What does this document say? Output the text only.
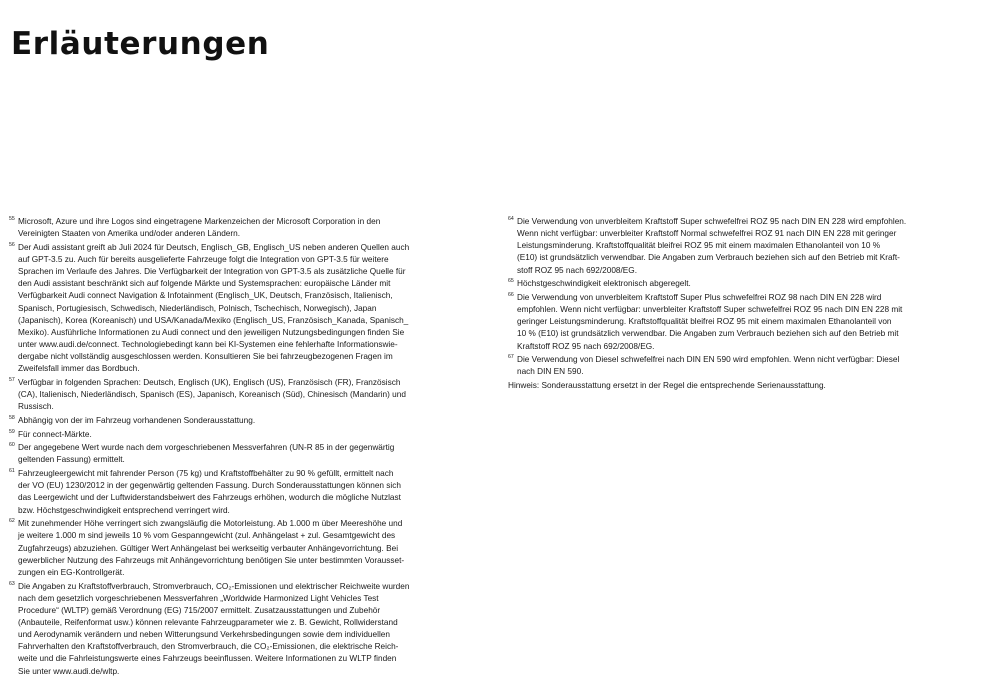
Erläuterungen
55 Microsoft, Azure und ihre Logos sind eingetragene Markenzeichen der Microsoft Corporation in den
Vereinigten Staaten von Amerika und/oder anderen Ländern.
56 Der Audi assistant greift ab Juli 2024 für Deutsch, Englisch_GB, Englisch_US neben anderen Quellen auch
auf GPT-3.5 zu. Auch für bereits ausgelieferte Fahrzeuge folgt die Integration von GPT-3.5 für weitere
Sprachen im Verlaufe des Jahres. Die Verfügbarkeit der Integration von GPT-3.5 als zusätzliche Quelle für
den Audi assistant beschränkt sich auf folgende Märkte und Systemsprachen: europäische Länder mit
Verfügbarkeit Audi connect Navigation & Infotainment (Englisch_UK, Deutsch, Französisch, Italienisch,
Spanisch, Portugiesisch, Schwedisch, Niederländisch, Polnisch, Tschechisch, Norwegisch), Japan
(Japanisch), Korea (Koreanisch) und USA/Kanada/Mexiko (Englisch_US, Französisch_Kanada, Spanisch_
Mexiko). Ausführliche Informationen zu Audi connect und den jeweiligen Nutzungsbedingungen finden Sie
unter www.audi.de/connect. Technologiebedingt kann bei KI-Systemen eine fehlerhafte Informationswie-
dergabe nicht vollständig ausgeschlossen werden. Konsultieren Sie bei fahrzeugbezogenen Fragen im
Zweifelsfall immer das Bordbuch.
57 Verfügbar in folgenden Sprachen: Deutsch, Englisch (UK), Englisch (US), Französisch (FR), Französisch
(CA), Italienisch, Niederländisch, Spanisch (ES), Japanisch, Koreanisch (Süd), Chinesisch (Mandarin) und
Russisch.
58 Abhängig von der im Fahrzeug vorhandenen Sonderausstattung.
59 Für connect-Märkte.
60 Der angegebene Wert wurde nach dem vorgeschriebenen Messverfahren (UN-R 85 in der gegenwärtig
geltenden Fassung) ermittelt.
61 Fahrzeugleergewicht mit fahrender Person (75 kg) und Kraftstoffbehälter zu 90 % gefüllt, ermittelt nach
der VO (EU) 1230/2012 in der gegenwärtig geltenden Fassung. Durch Sonderausstattungen können sich
das Leergewicht und der Luftwiderstandsbeiwert des Fahrzeugs erhöhen, wodurch die mögliche Nutzlast
bzw. Höchstgeschwindigkeit entsprechend verringert wird.
62 Mit zunehmender Höhe verringert sich zwangsläufig die Motorleistung. Ab 1.000 m über Meereshöhe und
je weitere 1.000 m sind jeweils 10 % vom Gespanngewicht (zul. Anhängelast + zul. Gesamtgewicht des
Zugfahrzeugs) abzuziehen. Gültiger Wert Anhängelast bei werkseitig verbauter Anhängevorrichtung. Bei
gewerblicher Nutzung des Fahrzeugs mit Anhängevorrichtung benötigen Sie unter bestimmten Vorausset-
zungen ein EG-Kontrollgerät.
63 Die Angaben zu Kraftstoffverbrauch, Stromverbrauch, CO₂-Emissionen und elektrischer Reichweite wurden
nach dem gesetzlich vorgeschriebenen Messverfahren „Worldwide Harmonized Light Vehicles Test
Procedure“ (WLTP) gemäß Verordnung (EG) 715/2007 ermittelt. Zusatzausstattungen und Zubehör
(Anbauteile, Reifenformat usw.) können relevante Fahrzeugparameter wie z. B. Gewicht, Rollwiderstand
und Aerodynamik verändern und neben Witterungsund Verkehrsbedingungen sowie dem individuellen
Fahrverhalten den Kraftstoffverbrauch, den Stromverbrauch, die CO₂-Emissionen, die elektrische Reich-
weite und die Fahrleistungswerte eines Fahrzeugs beeinflussen. Weitere Informationen zu WLTP finden
Sie unter www.audi.de/wltp.
64 Die Verwendung von unverbleitem Kraftstoff Super schwefelfrei ROZ 95 nach DIN EN 228 wird empfohlen.
Wenn nicht verfügbar: unverbleiter Kraftstoff Normal schwefelfrei ROZ 91 nach DIN EN 228 mit geringer
Leistungsminderung. Kraftstoffqualität bleifrei ROZ 95 mit einem maximalen Ethanolanteil von 10 %
(E10) ist grundsätzlich verwendbar. Die Angaben zum Verbrauch beziehen sich auf den Betrieb mit Kraft-
stoff ROZ 95 nach 692/2008/EG.
65 Höchstgeschwindigkeit elektronisch abgeregelt.
66 Die Verwendung von unverbleitem Kraftstoff Super Plus schwefelfrei ROZ 98 nach DIN EN 228 wird
empfohlen. Wenn nicht verfügbar: unverbleiter Kraftstoff Super schwefelfrei ROZ 95 nach DIN EN 228 mit
geringer Leistungsminderung. Kraftstoffqualität bleifrei ROZ 95 mit einem maximalen Ethanolanteil von
10 % (E10) ist grundsätzlich verwendbar. Die Angaben zum Verbrauch beziehen sich auf den Betrieb mit
Kraftstoff ROZ 95 nach 692/2008/EG.
67 Die Verwendung von Diesel schwefelfrei nach DIN EN 590 wird empfohlen. Wenn nicht verfügbar: Diesel
nach DIN EN 590.
Hinweis: Sonderausstattung ersetzt in der Regel die entsprechende Serienausstattung.
